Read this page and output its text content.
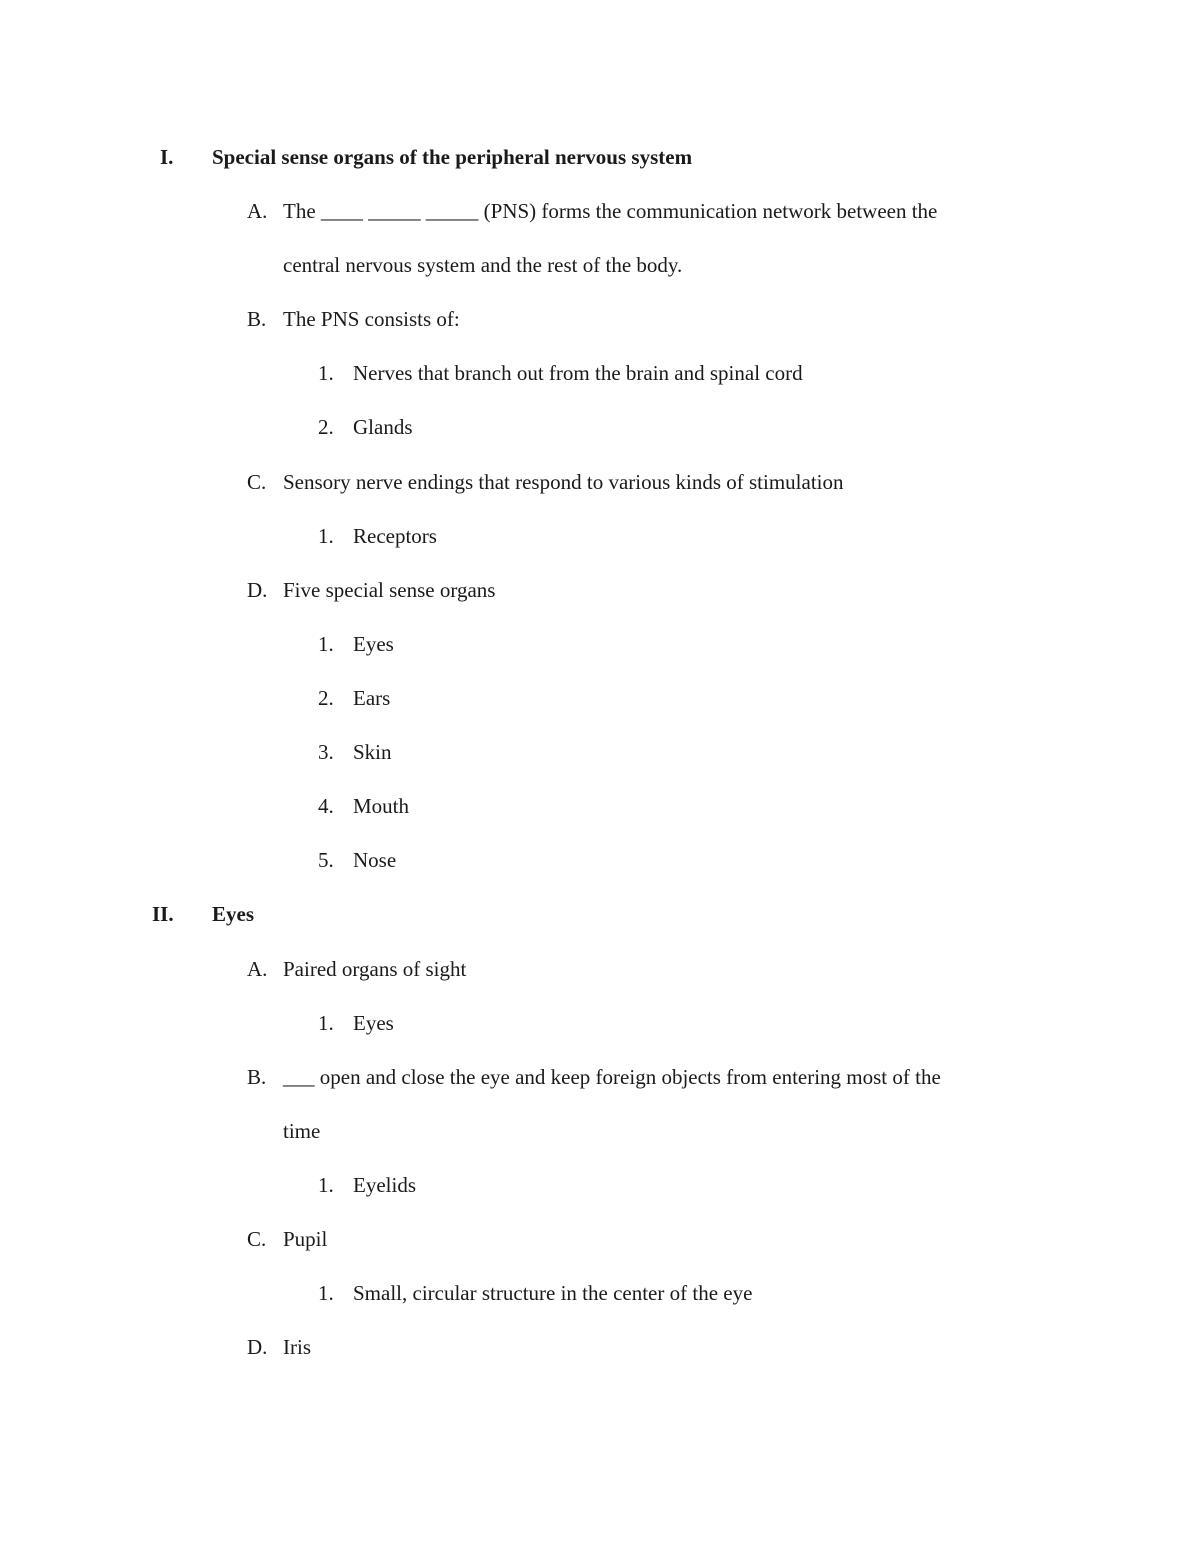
I. Special sense organs of the peripheral nervous system
A. The ____ _____ _____ (PNS) forms the communication network between the
central nervous system and the rest of the body.
B. The PNS consists of:
1. Nerves that branch out from the brain and spinal cord
2. Glands
C. Sensory nerve endings that respond to various kinds of stimulation
1. Receptors
D. Five special sense organs
1. Eyes
2. Ears
3. Skin
4. Mouth
5. Nose
II. Eyes
A. Paired organs of sight
1. Eyes
B. ___ open and close the eye and keep foreign objects from entering most of the
time
1. Eyelids
C. Pupil
1. Small, circular structure in the center of the eye
D. Iris
